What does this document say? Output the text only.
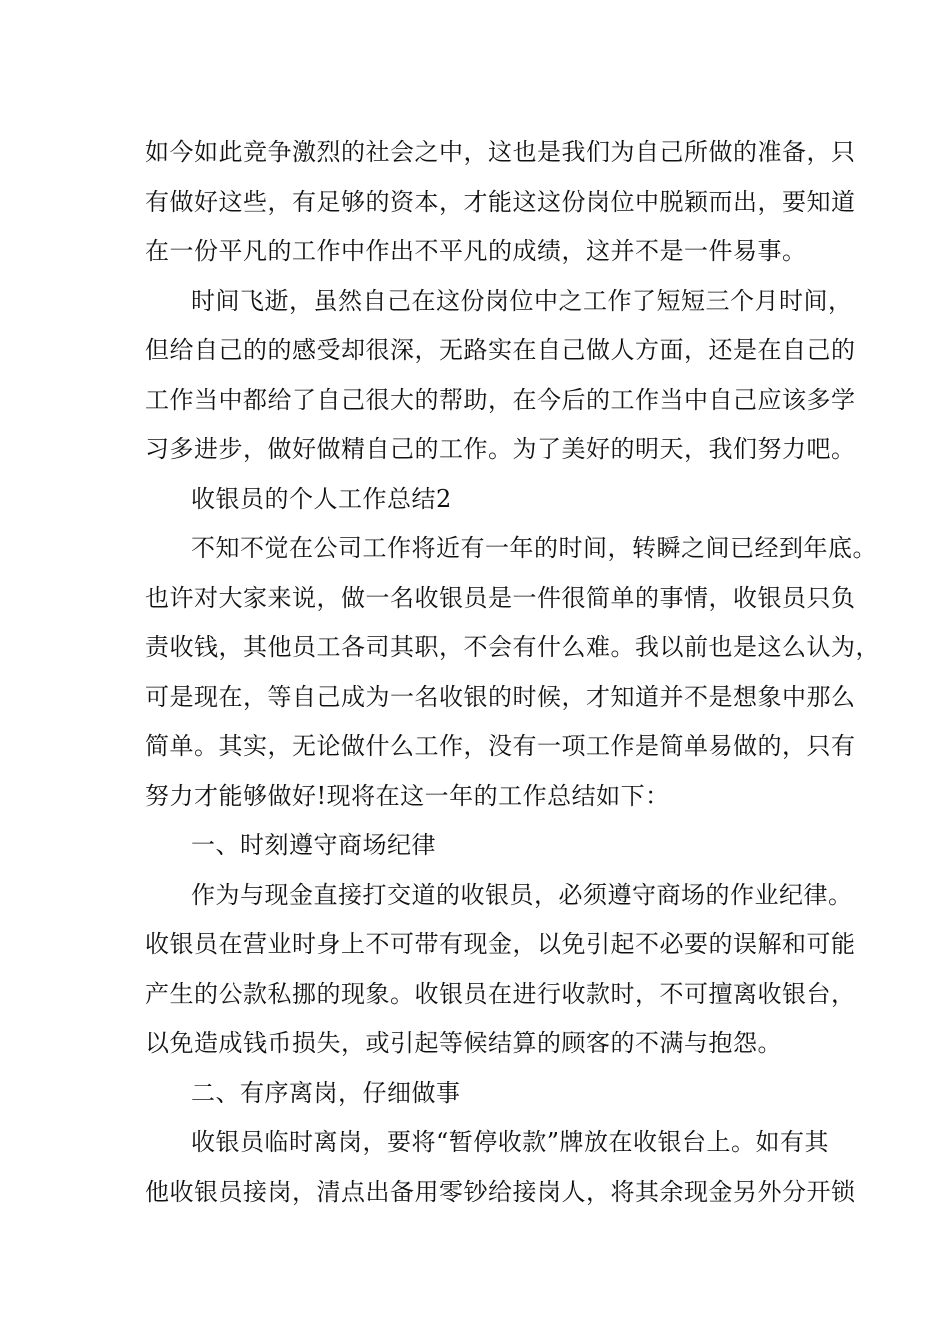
如今如此竞争激烈的社会之中，这也是我们为自己所做的准备，只
有做好这些，有足够的资本，才能这这份岗位中脱颖而出，要知道
在一份平凡的工作中作出不平凡的成绩，这并不是一件易事。
时间飞逝，虽然自己在这份岗位中之工作了短短三个月时间，
但给自己的的感受却很深，无路实在自己做人方面，还是在自己的
工作当中都给了自己很大的帮助，在今后的工作当中自己应该多学
习多进步，做好做精自己的工作。为了美好的明天，我们努力吧。
收银员的个人工作总结2
不知不觉在公司工作将近有一年的时间，转瞬之间已经到年底。
也许对大家来说，做一名收银员是一件很简单的事情，收银员只负
责收钱，其他员工各司其职，不会有什么难。我以前也是这么认为，
可是现在，等自己成为一名收银的时候，才知道并不是想象中那么
简单。其实，无论做什么工作，没有一项工作是简单易做的，只有
努力才能够做好!现将在这一年的工作总结如下：
一、时刻遵守商场纪律
作为与现金直接打交道的收银员，必须遵守商场的作业纪律。
收银员在营业时身上不可带有现金，以免引起不必要的误解和可能
产生的公款私挪的现象。收银员在进行收款时，不可擅离收银台，
以免造成钱币损失，或引起等候结算的顾客的不满与抱怨。
二、有序离岗，仔细做事
收银员临时离岗，要将“暂停收款”牌放在收银台上。如有其
他收银员接岗，清点出备用零钞给接岗人，将其余现金另外分开锁
